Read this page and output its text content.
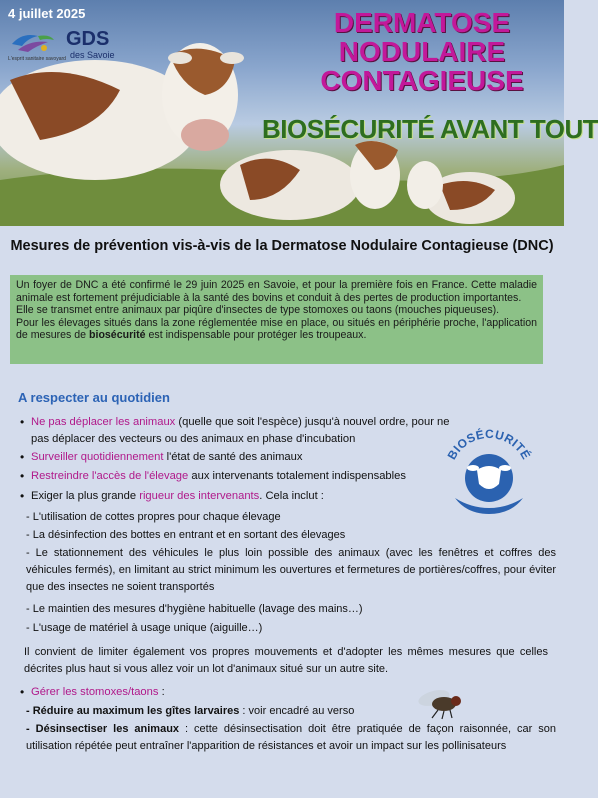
4 juillet 2025
GDS
des Savoie
L'esprit sanitaire savoyard
DERMATOSE
NODULAIRE
CONTAGIEUSE
BIOSÉCURITÉ AVANT TOUT
Mesures de prévention vis-à-vis de la Dermatose Nodulaire Contagieuse (DNC)

Un foyer de DNC a été confirmé le 29 juin 2025 en Savoie, et pour la première fois en France. Cette maladie animale est fortement préjudiciable à la santé des bovins et conduit à des pertes de production importantes.

Elle se transmet entre animaux par piqûre d'insectes de type stomoxes ou taons (mouches piqueuses).

Pour les élevages situés dans la zone réglementée mise en place, ou situés en périphérie proche, l'application de mesures de biosécurité est indispensable pour protéger les troupeaux.

A respecter au quotidien
• Ne pas déplacer les animaux (quelle que soit l'espèce) jusqu'à nouvel ordre, pour ne
pas déplacer des vecteurs ou des animaux en phase d'incubation
• Surveiller quotidiennement l'état de santé des animaux
• Restreindre l'accès de l'élevage aux intervenants totalement indispensables
• Exiger la plus grande rigueur des intervenants. Cela inclut :
BIOSÉCURITÉ
- L'utilisation de cottes propres pour chaque élevage
- La désinfection des bottes en entrant et en sortant des élevages
- Le stationnement des véhicules le plus loin possible des animaux (avec les fenêtres et coffres des véhicules fermés), en limitant au strict minimum les ouvertures et fermetures de portières/coffres, pour éviter que des insectes ne soient transportés
- Le maintien des mesures d'hygiène habituelle (lavage des mains…)
- L'usage de matériel à usage unique (aiguille…)
Il convient de limiter également vos propres mouvements et d'adopter les mêmes mesures que celles décrites plus haut si vous allez voir un lot d'animaux situé sur un autre site.
• Gérer les stomoxes/taons :
- Réduire au maximum les gîtes larvaires : voir encadré au verso
- Désinsectiser les animaux : cette désinsectisation doit être pratiquée de façon raisonnée, car son utilisation répétée peut entraîner l'apparition de résistances et avoir un impact sur les pollinisateurs
